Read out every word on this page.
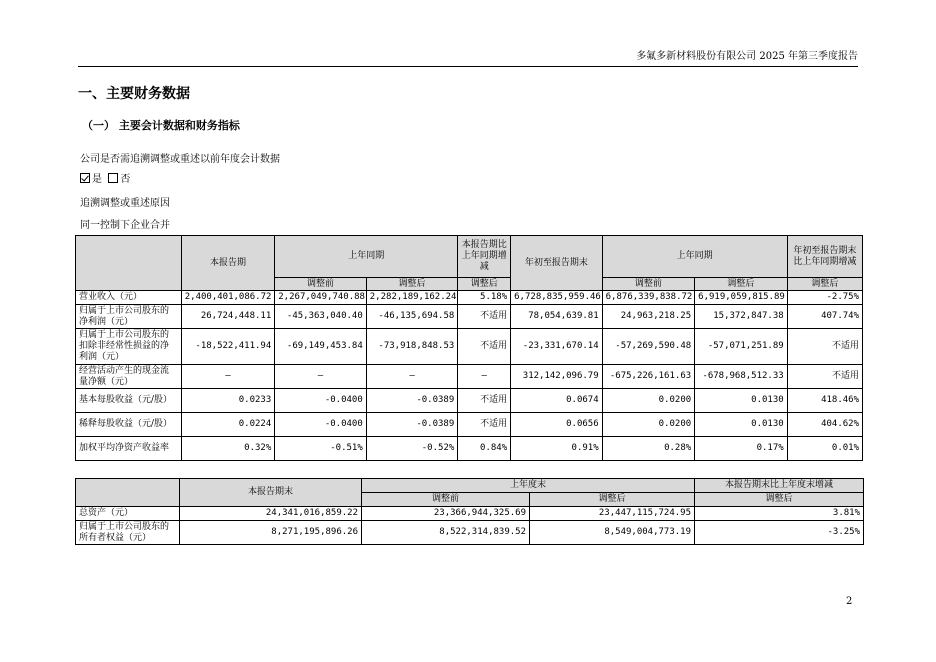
多氟多新材料股份有限公司 2025 年第三季度报告
一、主要财务数据
（一） 主要会计数据和财务指标
公司是否需追溯调整或重述以前年度会计数据
是 否
追溯调整或重述原因
同一控制下企业合并
	本报告期	上年同期		本报告期比上年同期增减	年初至报告期末	上年同期		年初至报告期末比上年同期增减
		调整前	调整后	调整后		调整前	调整后	调整后
营业收入（元）	2,400,401,086.72	2,267,049,740.88	2,282,189,162.24	5.18%	6,728,835,959.46	6,876,339,838.72	6,919,059,815.89	-2.75%
归属于上市公司股东的净利润（元）	26,724,448.11	-45,363,040.40	-46,135,694.58	不适用	78,054,639.81	24,963,218.25	15,372,847.38	407.74%
归属于上市公司股东的扣除非经常性损益的净利润（元）	-18,522,411.94	-69,149,453.84	-73,918,848.53	不适用	-23,331,670.14	-57,269,590.48	-57,071,251.89	不适用
经营活动产生的现金流量净额（元）	—	—	—	—	312,142,096.79	-675,226,161.63	-678,968,512.33	不适用
基本每股收益（元/股）	0.0233	-0.0400	-0.0389	不适用	0.0674	0.0200	0.0130	418.46%
稀释每股收益（元/股）	0.0224	-0.0400	-0.0389	不适用	0.0656	0.0200	0.0130	404.62%
加权平均净资产收益率	0.32%	-0.51%	-0.52%	0.84%	0.91%	0.28%	0.17%	0.01%
	本报告期末	上年度末		本报告期末比上年度末增减
		调整前	调整后	调整后
总资产（元）	24,341,016,859.22	23,366,944,325.69	23,447,115,724.95	3.81%
归属于上市公司股东的所有者权益（元）	8,271,195,896.26	8,522,314,839.52	8,549,004,773.19	-3.25%
2
